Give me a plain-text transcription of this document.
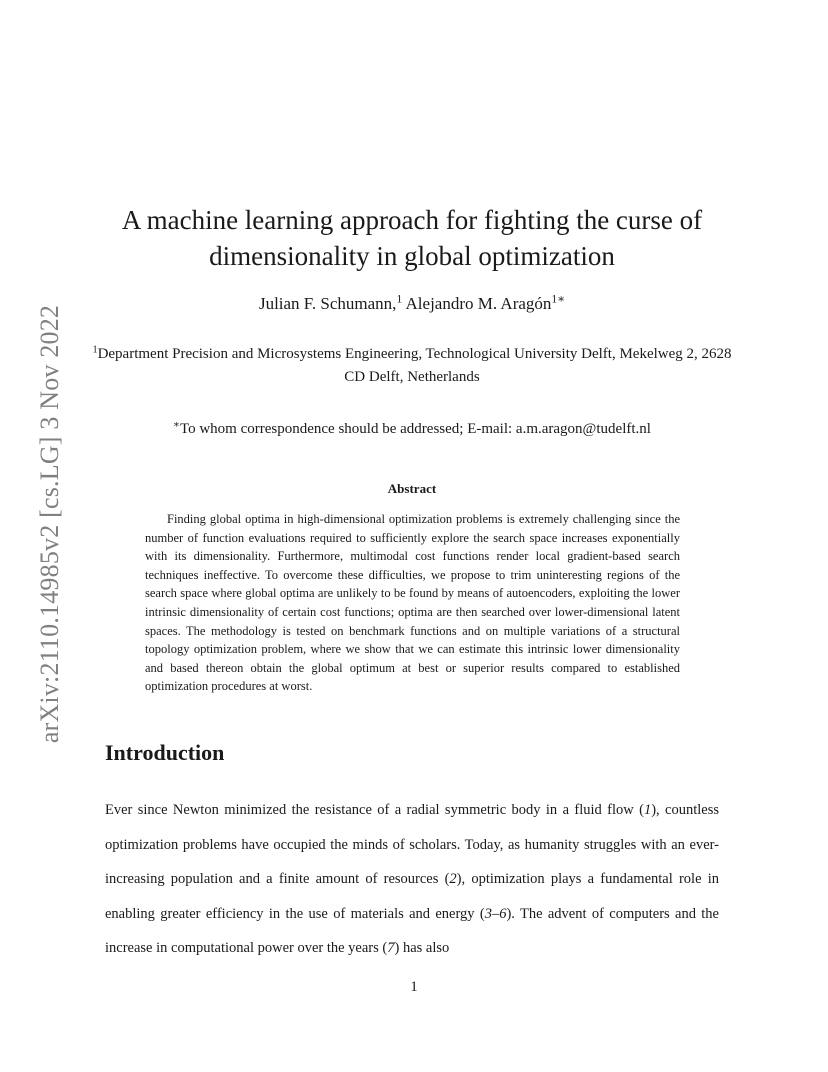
arXiv:2110.14985v2 [cs.LG] 3 Nov 2022
A machine learning approach for fighting the curse of dimensionality in global optimization
Julian F. Schumann,$^1$ Alejandro M. Aragón$^{1∗}$
$^1$Department Precision and Microsystems Engineering, Technological University Delft, Mekelweg 2, 2628 CD Delft, Netherlands
∗To whom correspondence should be addressed; E-mail: a.m.aragon@tudelft.nl
Abstract

Finding global optima in high-dimensional optimization problems is extremely challenging since the number of function evaluations required to sufficiently explore the search space increases exponentially with its dimensionality. Furthermore, multimodal cost functions render local gradient-based search techniques ineffective. To overcome these difficulties, we propose to trim uninteresting regions of the search space where global optima are unlikely to be found by means of autoencoders, exploiting the lower intrinsic dimensionality of certain cost functions; optima are then searched over lower-dimensional latent spaces. The methodology is tested on benchmark functions and on multiple variations of a structural topology optimization problem, where we show that we can estimate this intrinsic lower dimensionality and based thereon obtain the global optimum at best or superior results compared to established optimization procedures at worst.

Introduction

Ever since Newton minimized the resistance of a radial symmetric body in a fluid flow (1), countless optimization problems have occupied the minds of scholars. Today, as humanity struggles with an ever-increasing population and a finite amount of resources (2), optimization plays a fundamental role in enabling greater efficiency in the use of materials and energy (3–6). The advent of computers and the increase in computational power over the years (7) has also

1
